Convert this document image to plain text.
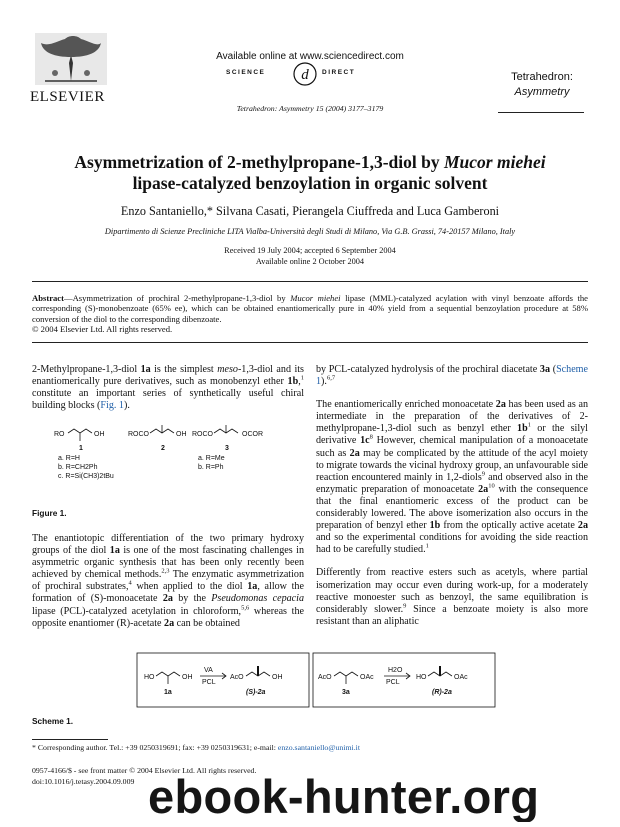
ELSEVIER
Available online at www.sciencedirect.com
SCIENCE d DIRECT
Tetrahedron: Asymmetry 15 (2004) 3177–3179
Tetrahedron:
Asymmetry
Asymmetrization of 2-methylpropane-1,3-diol by Mucor miehei
lipase-catalyzed benzoylation in organic solvent
Enzo Santaniello,* Silvana Casati, Pierangela Ciuffreda and Luca Gamberoni
Dipartimento di Scienze Precliniche LITA Vialba-Università degli Studi di Milano, Via G.B. Grassi, 74-20157 Milano, Italy
Received 19 July 2004; accepted 6 September 2004
Available online 2 October 2004
Abstract—Asymmetrization of prochiral 2-methylpropane-1,3-diol by Mucor miehei lipase (MML)-catalyzed acylation with vinyl benzoate affords the corresponding (S)-monobenzoate (65% ee), which can be obtained enantiomerically pure in 40% yield from a sequential benzoylation procedure at 58% conversion of the diol to the corresponding dibenzoate.
© 2004 Elsevier Ltd. All rights reserved.

2-Methylpropane-1,3-diol 1a is the simplest meso-1,3-diol and its enantiomerically pure derivatives, such as monobenzyl ether 1b,$^1$ constitute an important series of synthetically useful chiral building blocks (Fig. 1).

RO	OH
1
ROCO	OH
2
ROCO	OCOR
3
a. R=H
b. R=CH2Ph
c. R=Si(CH3)2tBu
a. R=Me
b. R=Ph
Figure 1.

The enantiotopic differentiation of the two primary hydroxy groups of the diol 1a is one of the most fascinating challenges in asymmetric organic synthesis that has been only recently been achieved by chemical methods.$^{2,3}$ The enzymatic asymmetrization of prochiral substrates,$^4$ when applied to the diol 1a, allow the formation of (S)-monoacetate 2a by the Pseudomonas cepacia lipase (PCL)-catalyzed acetylation in chloroform,$^{5,6}$ whereas the opposite enantiomer (R)-acetate 2a can be obtained

by PCL-catalyzed hydrolysis of the prochiral diacetate 3a (Scheme 1).$^{6,7}$

The enantiomerically enriched monoacetate 2a has been used as an intermediate in the preparation of the derivatives of 2-methylpropane-1,3-diol such as benzyl ether 1b$^1$ or the silyl derivative 1c$^8$ However, chemical manipulation of a monoacetate such as 2a may be complicated by the attitude of the acyl moiety to migrate towards the vicinal hydroxy group, an unfavourable side reaction encountered mainly in 1,2-diols$^9$ and observed also in the enzymatic preparation of monoacetate 2a$^{10}$ with the consequence that the final enantiomeric excess of the product can be considerably lowered. The above isomerization also occurs in the preparation of benzyl ether 1b from the optically active acetate 2a and so the experimental conditions for avoiding the side reaction had to be carefully studied.$^1$

Differently from reactive esters such as acetyls, where partial isomerization may occur even during work-up, for a moderately reactive monoester such as benzoyl, the same equilibration is considerably slower.$^9$ Since a benzoate moiety is also more resistant than an aliphatic

HO	OH
1a
VA
PCL
AcO	OH
(S)-2a
AcO	OAc
3a
H2O
PCL
HO	OAc
(R)-2a
Scheme 1.
* Corresponding author. Tel.: +39 0250319691; fax: +39 0250319631; e-mail: enzo.santaniello@unimi.it
0957-4166/$ - see front matter © 2004 Elsevier Ltd. All rights reserved.
doi:10.1016/j.tetasy.2004.09.009 ebook-hunter.org
